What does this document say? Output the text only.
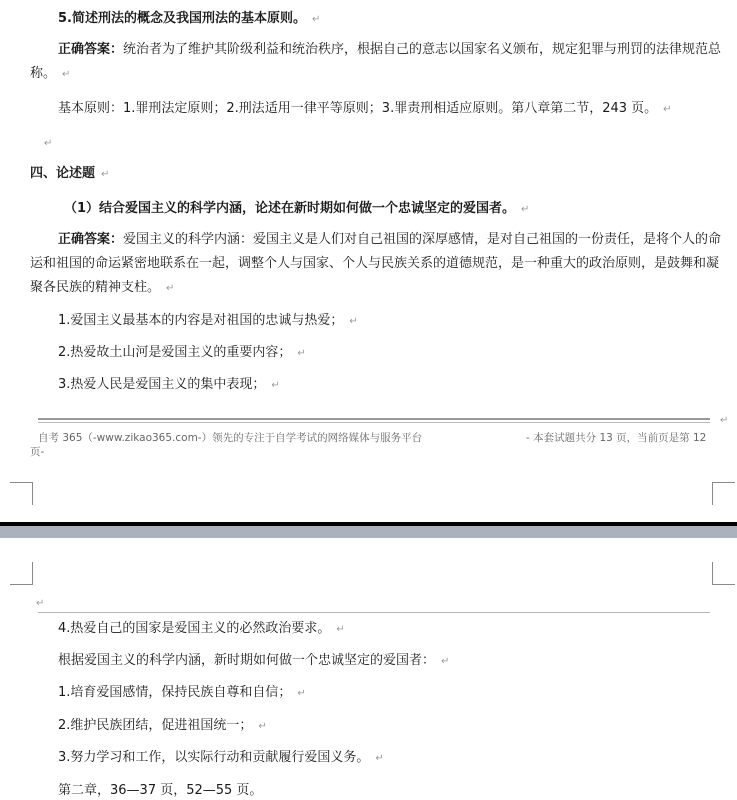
5.简述刑法的概念及我国刑法的基本原则。 ↵
正确答案：统治者为了维护其阶级利益和统治秩序，根据自己的意志以国家名义颁布，规定犯罪与刑罚的法律规范总称。 ↵
基本原则：1.罪刑法定原则；2.刑法适用一律平等原则；3.罪责刑相适应原则。第八章第二节，243 页。 ↵
↵
四、论述题 ↵
（1）结合爱国主义的科学内涵，论述在新时期如何做一个忠诚坚定的爱国者。 ↵
正确答案：爱国主义的科学内涵：爱国主义是人们对自己祖国的深厚感情，是对自己祖国的一份责任，是将个人的命运和祖国的命运紧密地联系在一起，调整个人与国家、个人与民族关系的道德规范，是一种重大的政治原则，是鼓舞和凝聚各民族的精神支柱。 ↵
1.爱国主义最基本的内容是对祖国的忠诚与热爱； ↵
2.热爱故土山河是爱国主义的重要内容； ↵
3.热爱人民是爱国主义的集中表现； ↵
↵
自考 365（-www.zikao365.com-）领先的专注于自学考试的网络媒体与服务平台	- 本套试题共分 13 页，当前页是第 12
页-
↵
4.热爱自己的国家是爱国主义的必然政治要求。 ↵
根据爱国主义的科学内涵，新时期如何做一个忠诚坚定的爱国者： ↵
1.培育爱国感情，保持民族自尊和自信； ↵
2.维护民族团结，促进祖国统一； ↵
3.努力学习和工作，以实际行动和贡献履行爱国义务。 ↵
第二章，36—37 页，52—55 页。
